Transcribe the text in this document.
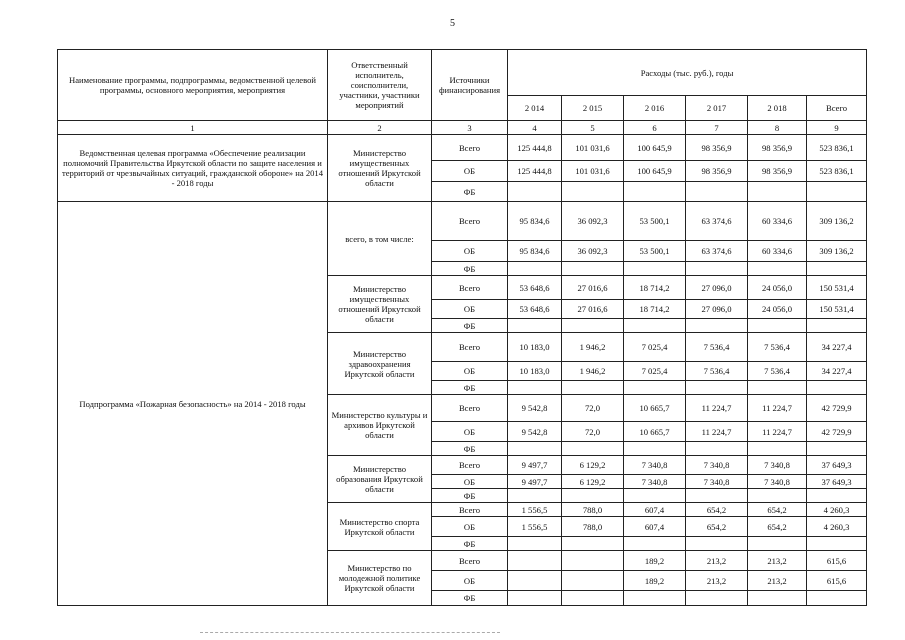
5
Наименование программы, подпрограммы, ведомственной целевой программы, основного мероприятия, мероприятия	Ответственный исполнитель, соисполнители, участники, участники мероприятий	Источники финансирования	Расходы (тыс. руб.), годы					
			2 014	2 015	2 016	2 017	2 018	Всего
1	2	3	4	5	6	7	8	9
Ведомственная целевая программа «Обеспечение реализации полномочий Правительства Иркутской области по защите населения и территорий от чрезвычайных ситуаций, гражданской обороне» на 2014 - 2018 годы	Министерство имущественных отношений Иркутской области	Всего	125 444,8	101 031,6	100 645,9	98 356,9	98 356,9	523 836,1
		ОБ	125 444,8	101 031,6	100 645,9	98 356,9	98 356,9	523 836,1
		ФБ						
Подпрограмма «Пожарная безопасность» на 2014 - 2018 годы	всего, в том числе:	Всего	95 834,6	36 092,3	53 500,1	63 374,6	60 334,6	309 136,2
		ОБ	95 834,6	36 092,3	53 500,1	63 374,6	60 334,6	309 136,2
		ФБ						
	Министерство имущественных отношений Иркутской области	Всего	53 648,6	27 016,6	18 714,2	27 096,0	24 056,0	150 531,4
		ОБ	53 648,6	27 016,6	18 714,2	27 096,0	24 056,0	150 531,4
		ФБ						
	Министерство здравоохранения Иркутской области	Всего	10 183,0	1 946,2	7 025,4	7 536,4	7 536,4	34 227,4
		ОБ	10 183,0	1 946,2	7 025,4	7 536,4	7 536,4	34 227,4
		ФБ						
	Министерство культуры и архивов Иркутской области	Всего	9 542,8	72,0	10 665,7	11 224,7	11 224,7	42 729,9
		ОБ	9 542,8	72,0	10 665,7	11 224,7	11 224,7	42 729,9
		ФБ						
	Министерство образования Иркутской области	Всего	9 497,7	6 129,2	7 340,8	7 340,8	7 340,8	37 649,3
		ОБ	9 497,7	6 129,2	7 340,8	7 340,8	7 340,8	37 649,3
		ФБ						
	Министерство спорта Иркутской области	Всего	1 556,5	788,0	607,4	654,2	654,2	4 260,3
		ОБ	1 556,5	788,0	607,4	654,2	654,2	4 260,3
		ФБ						
	Министерство по молодежной политике Иркутской области	Всего			189,2	213,2	213,2	615,6
		ОБ			189,2	213,2	213,2	615,6
		ФБ						
